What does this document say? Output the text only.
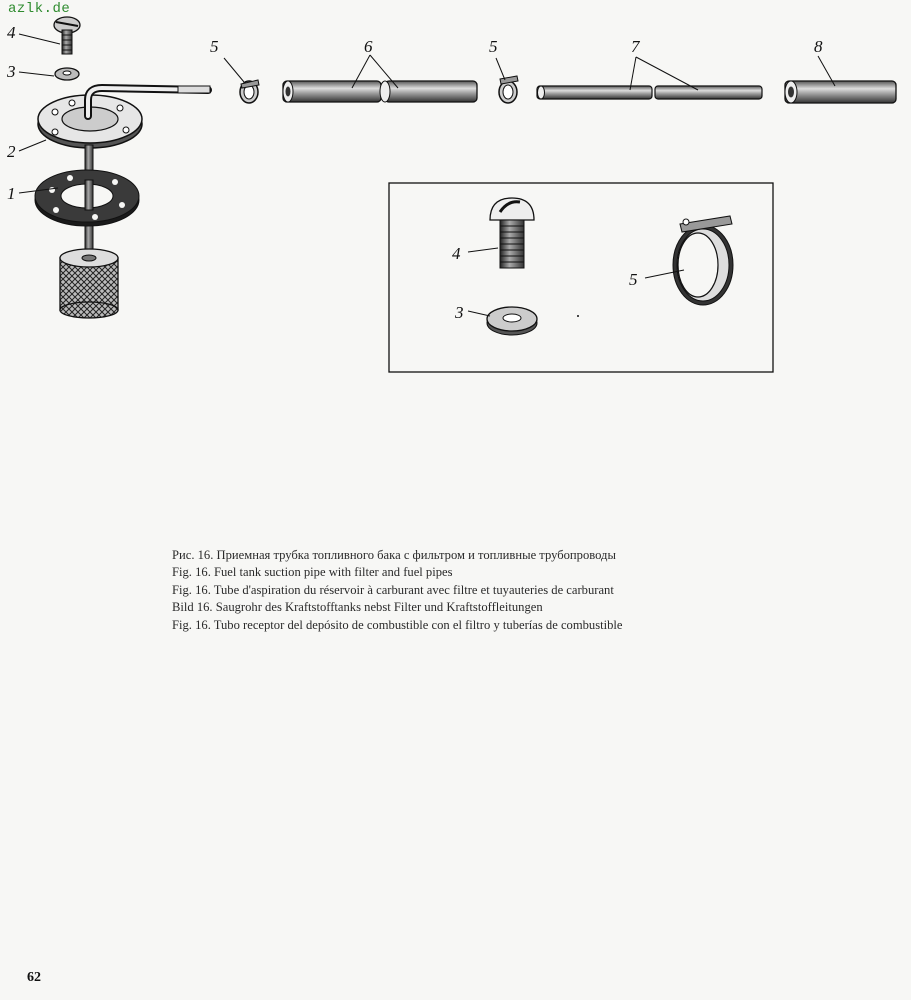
azlk.de
4
3
2
1
5	6	5	7	8
4
3
5
Рис. 16. Приемная трубка топливного бака с фильтром и топливные трубопроводы
Fig. 16. Fuel tank suction pipe with filter and fuel pipes
Fig. 16. Tube d'aspiration du réservoir à carburant avec filtre et tuyauteries de carburant
Bild 16. Saugrohr des Kraftstofftanks nebst Filter und Kraftstoffleitungen
Fig. 16. Tubo receptor del depósito de combustible con el filtro y tuberías de combustible
62
